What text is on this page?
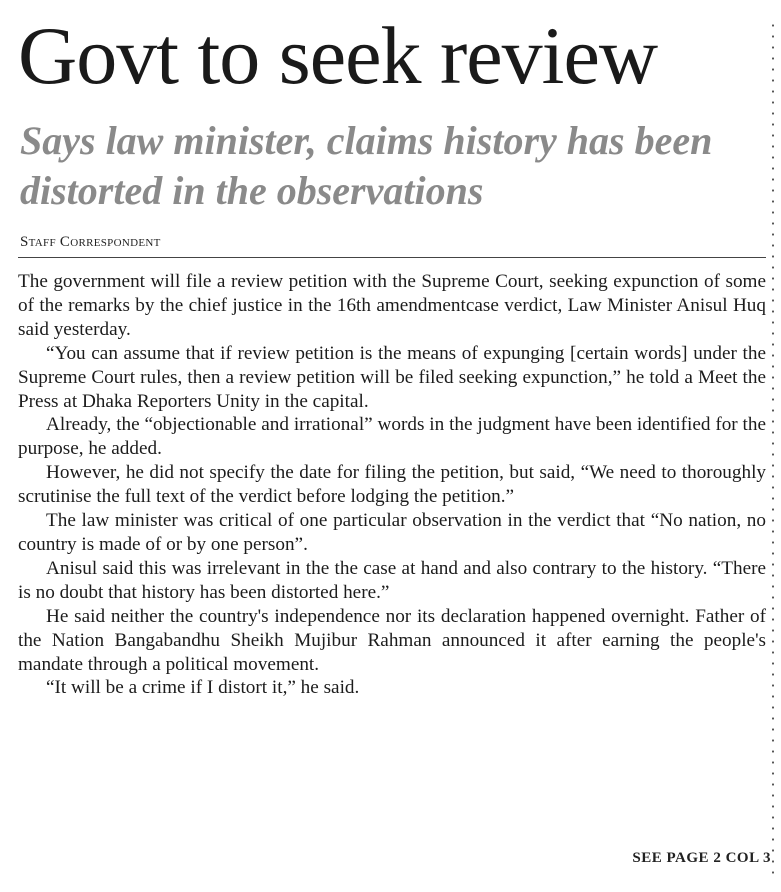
Govt to seek review
Says law minister, claims history has been distorted in the observations
Staff Correspondent

The government will file a review petition with the Supreme Court, seeking expunction of some of the remarks by the chief justice in the 16th amendmentcase verdict, Law Minister Anisul Huq said yesterday.

“You can assume that if review petition is the means of expunging [certain words] under the Supreme Court rules, then a review petition will be filed seeking expunction,” he told a Meet the Press at Dhaka Reporters Unity in the capital.

Already, the “objectionable and irrational” words in the judgment have been identified for the purpose, he added.

However, he did not specify the date for filing the petition, but said, “We need to thoroughly scrutinise the full text of the verdict before lodging the petition.”

The law minister was critical of one particular observation in the verdict that “No nation, no country is made of or by one person”.

Anisul said this was irrelevant in the the case at hand and also contrary to the history. “There is no doubt that history has been distorted here.”

He said neither the country's independence nor its declaration happened overnight. Father of the Nation Bangabandhu Sheikh Mujibur Rahman announced it after earning the people's mandate through a political movement.

“It will be a crime if I distort it,” he said.

SEE PAGE 2 COL 3
